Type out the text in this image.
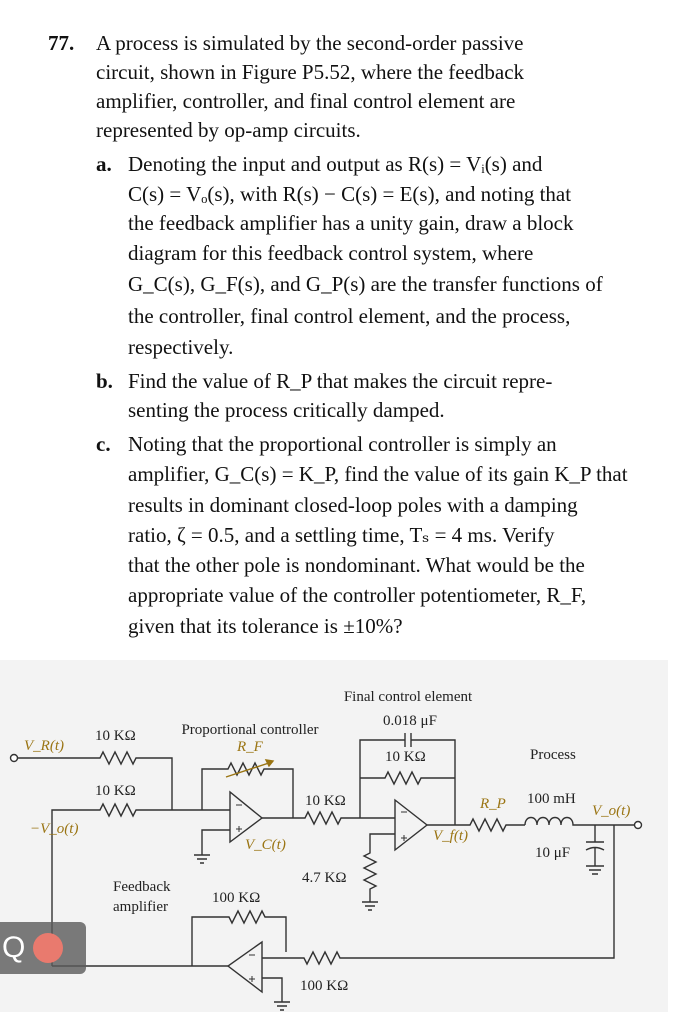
77. A process is simulated by the second-order passive
circuit, shown in Figure P5.52, where the feedback
amplifier, controller, and final control element are
represented by op-amp circuits.
a. Denoting the input and output as R(s) = Vᵢ(s) and
C(s) = Vₒ(s), with R(s) − C(s) = E(s), and noting that
the feedback amplifier has a unity gain, draw a block
diagram for this feedback control system, where
G_C(s), G_F(s), and G_P(s) are the transfer functions of
the controller, final control element, and the process,
respectively.
b. Find the value of R_P that makes the circuit repre-
senting the process critically damped.
c. Noting that the proportional controller is simply an
amplifier, G_C(s) = K_P, find the value of its gain K_P that
results in dominant closed-loop poles with a damping
ratio, ζ = 0.5, and a settling time, Tₛ = 4 ms. Verify
that the other pole is nondominant. What would be the
appropriate value of the controller potentiometer, R_F,
given that its tolerance is ±10%?
Final control element
0.018 μF
Proportional controller
V_R(t)
10 KΩ
R_F
10 KΩ
−V_o(t)
V_C(t)
10 KΩ
10 KΩ	Process
100 mH
R_P	V_o(t)
V_f(t)
10 μF
4.7 KΩ
Feedback
amplifier
100 KΩ
100 KΩ
Q
